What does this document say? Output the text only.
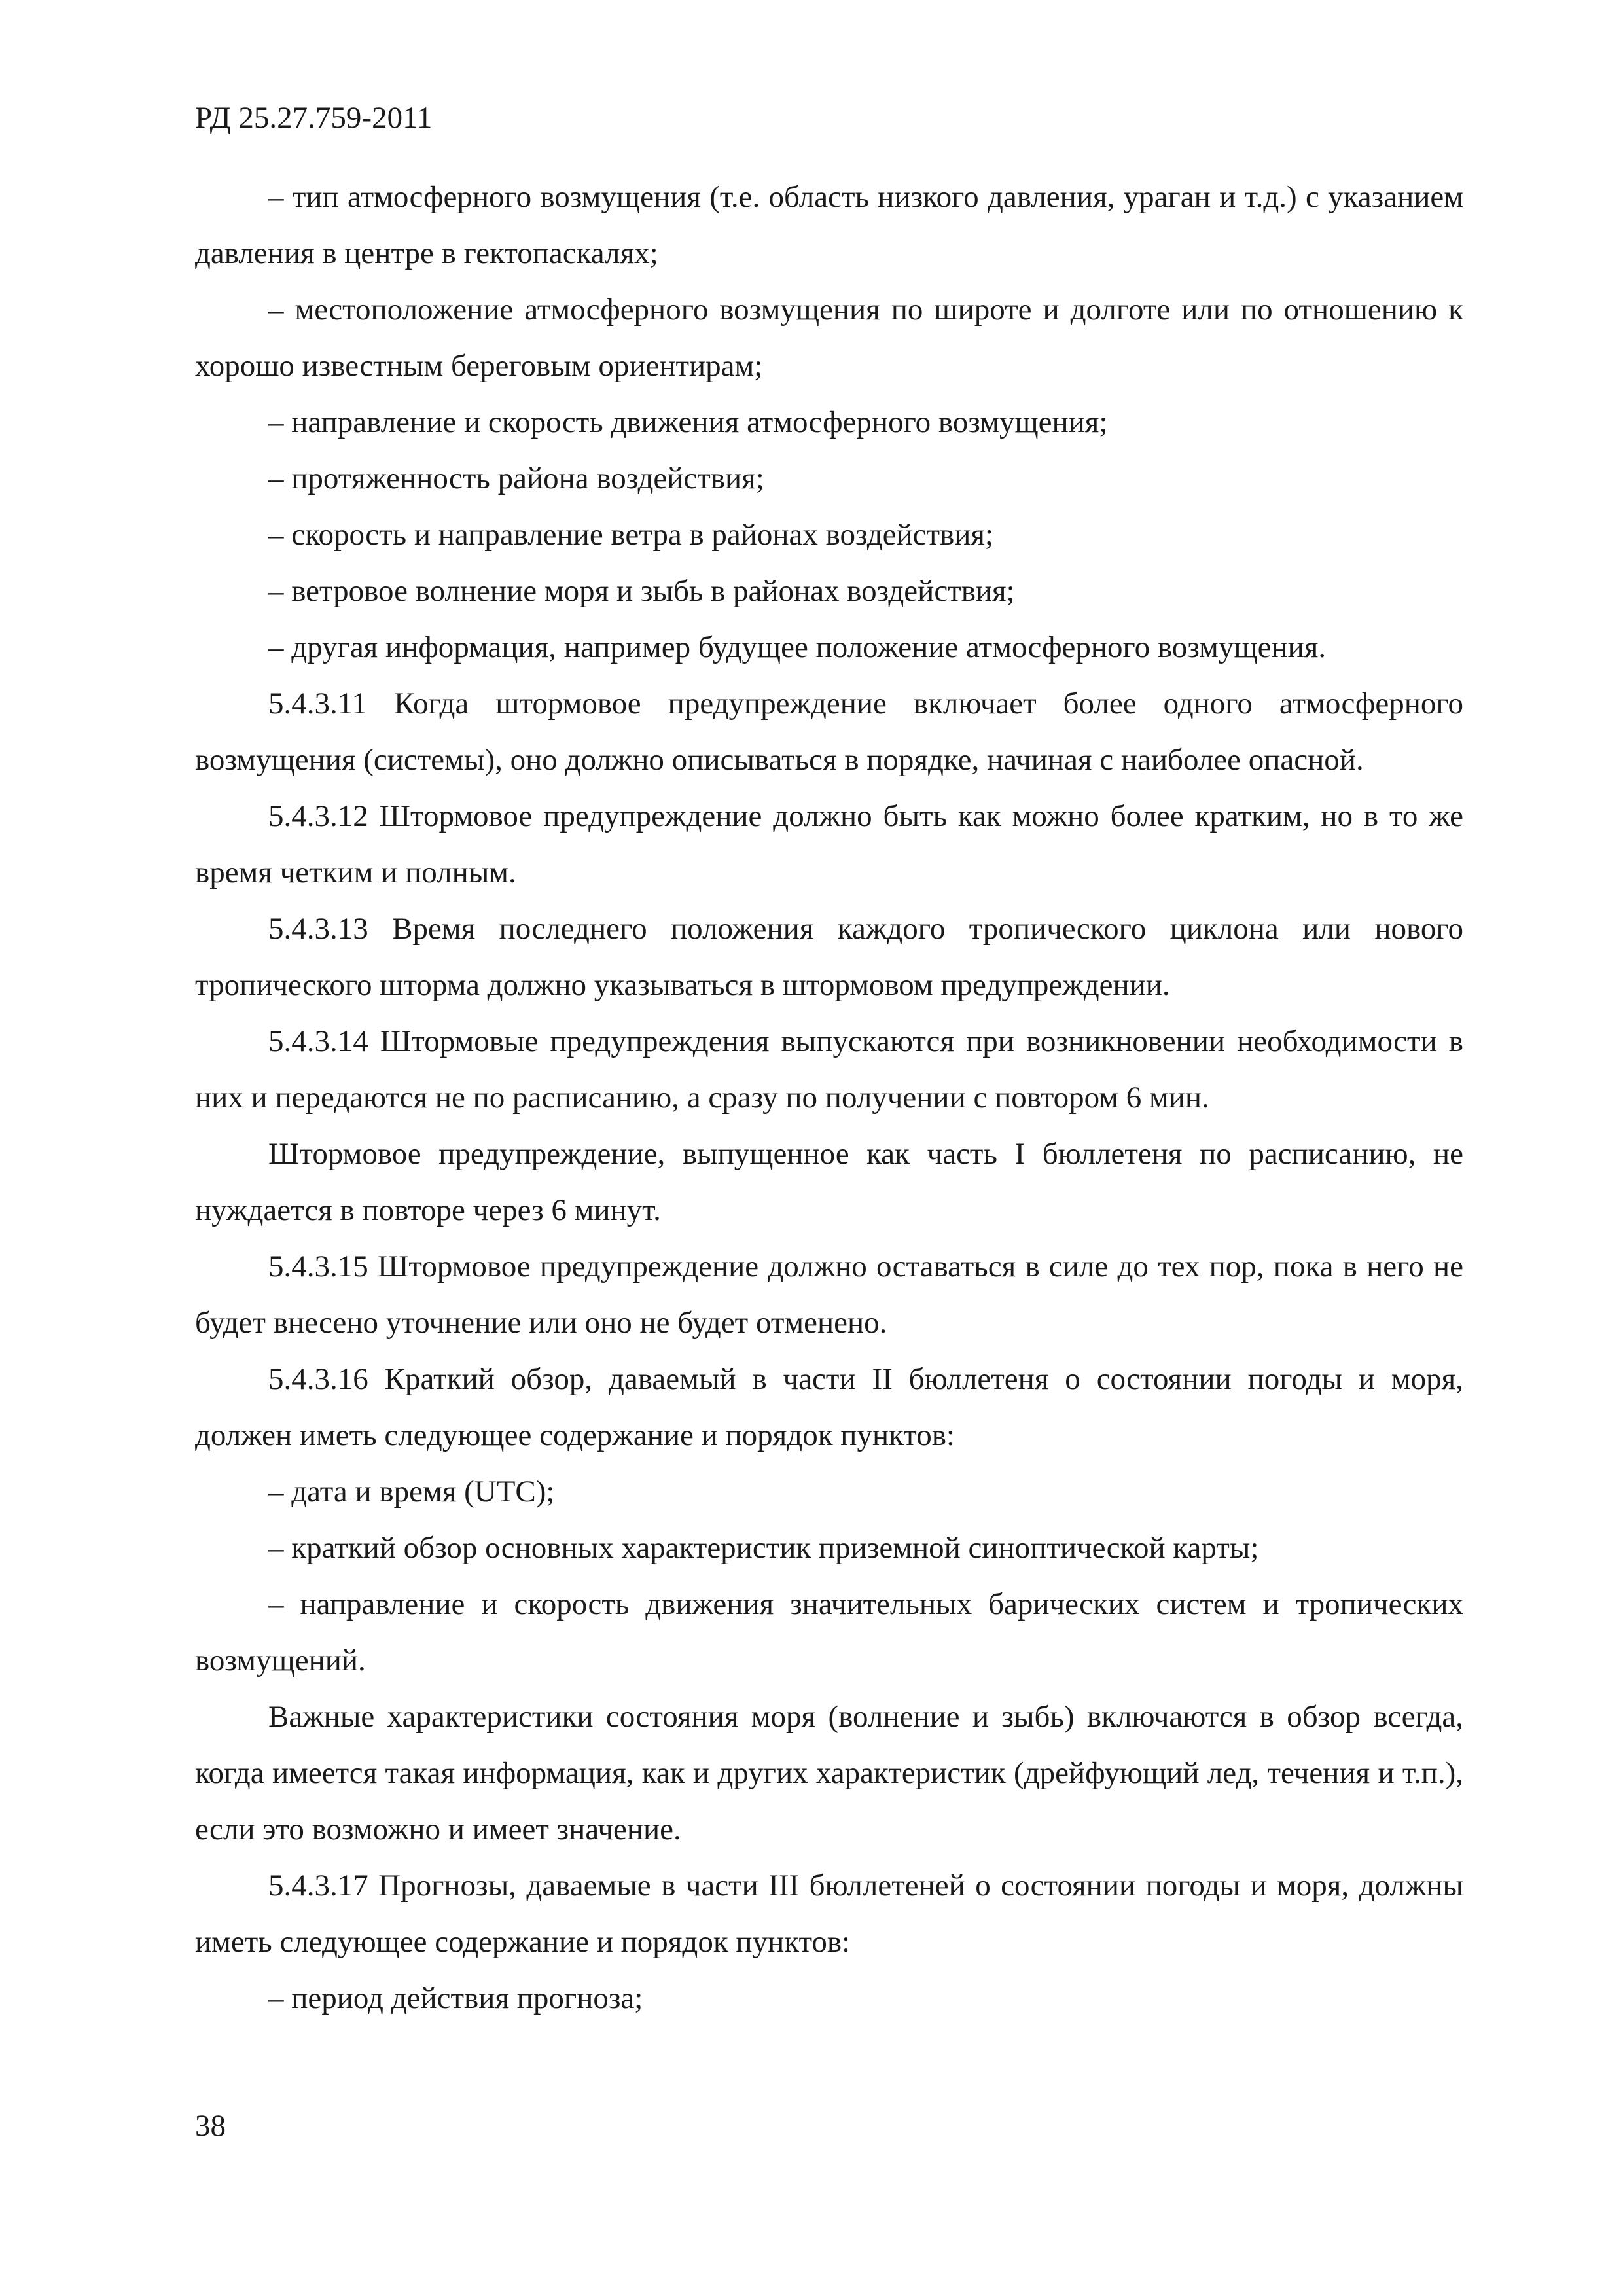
РД 25.27.759-2011

– тип атмосферного возмущения (т.е. область низкого давления, ураган и т.д.) с указанием давления в центре в гектопаскалях;

– местоположение атмосферного возмущения по широте и долготе или по отношению к хорошо известным береговым ориентирам;

– направление и скорость движения атмосферного возмущения;

– протяженность района воздействия;

– скорость и направление ветра в районах воздействия;

– ветровое волнение моря и зыбь в районах воздействия;

– другая информация, например будущее положение атмосферного возмущения.

5.4.3.11 Когда штормовое предупреждение включает более одного атмосферного возмущения (системы), оно должно описываться в порядке, начиная с наиболее опасной.

5.4.3.12 Штормовое предупреждение должно быть как можно более кратким, но в то же время четким и полным.

5.4.3.13 Время последнего положения каждого тропического циклона или нового тропического шторма должно указываться в штормовом предупреждении.

5.4.3.14 Штормовые предупреждения выпускаются при возникновении необходимости в них и передаются не по расписанию, а сразу по получении с повтором 6 мин.

Штормовое предупреждение, выпущенное как часть I бюллетеня по расписанию, не нуждается в повторе через 6 минут.

5.4.3.15 Штормовое предупреждение должно оставаться в силе до тех пор, пока в него не будет внесено уточнение или оно не будет отменено.

5.4.3.16 Краткий обзор, даваемый в части II бюллетеня о состоянии погоды и моря, должен иметь следующее содержание и порядок пунктов:

– дата и время (UTC);

– краткий обзор основных характеристик приземной синоптической карты;

– направление и скорость движения значительных барических систем и тропических возмущений.

Важные характеристики состояния моря (волнение и зыбь) включаются в обзор всегда, когда имеется такая информация, как и других характеристик (дрейфующий лед, течения и т.п.), если это возможно и имеет значение.

5.4.3.17 Прогнозы, даваемые в части III бюллетеней о состоянии погоды и моря, должны иметь следующее содержание и порядок пунктов:

– период действия прогноза;

38
